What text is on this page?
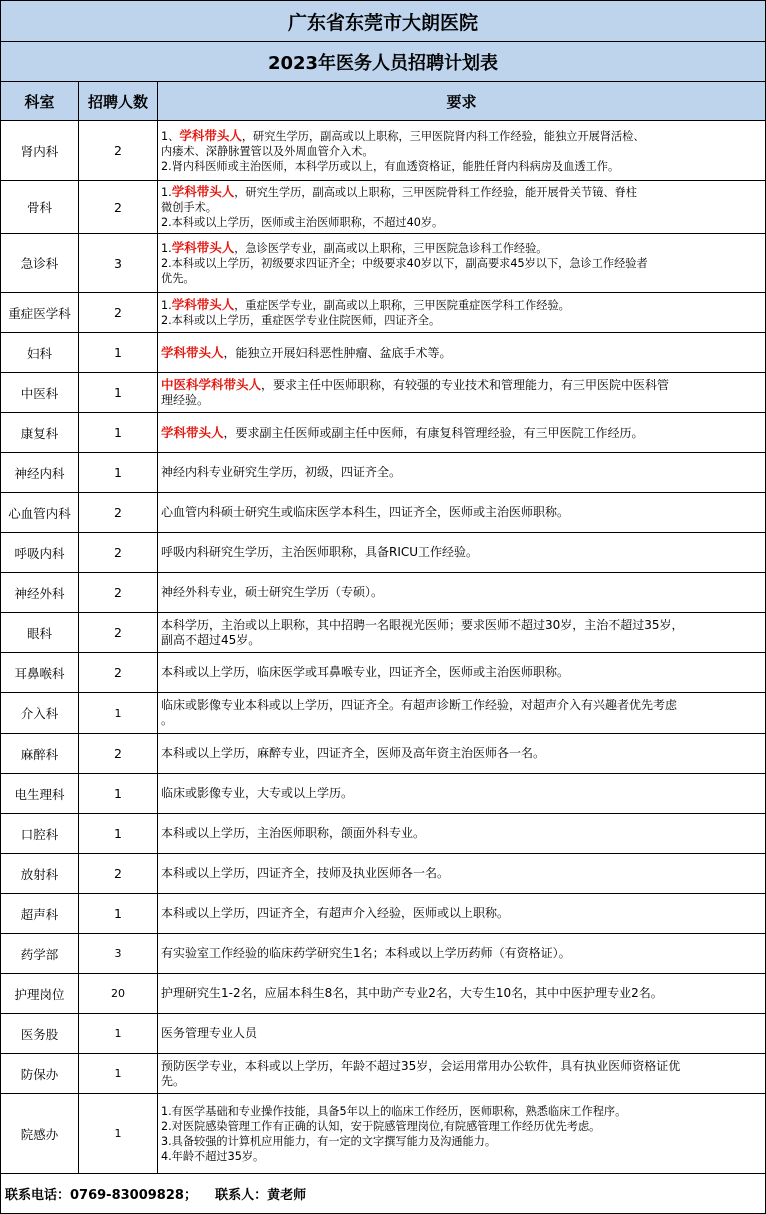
广东省东莞市大朗医院		
2023年医务人员招聘计划表		
科室	招聘人数	要求
肾内科	2	1、学科带头人，研究生学历，副高或以上职称，三甲医院肾内科工作经验，能独立开展肾活检、
内瘘术、深静脉置管以及外周血管介入术。
2.肾内科医师或主治医师，本科学历或以上，有血透资格证，能胜任肾内科病房及血透工作。

骨科	2	1.学科带头人，研究生学历，副高或以上职称，三甲医院骨科工作经验，能开展骨关节镜、脊柱
微创手术。
2.本科或以上学历，医师或主治医师职称，不超过40岁。

急诊科	3	1.学科带头人，急诊医学专业，副高或以上职称，三甲医院急诊科工作经验。
2.本科或以上学历，初级要求四证齐全；中级要求40岁以下，副高要求45岁以下，急诊工作经验者
优先。

重症医学科	2	1.学科带头人，重症医学专业，副高或以上职称，三甲医院重症医学科工作经验。
2.本科或以上学历，重症医学专业住院医师，四证齐全。

妇科	1	学科带头人，能独立开展妇科恶性肿瘤、盆底手术等。

中医科	1	中医科学科带头人，要求主任中医师职称，有较强的专业技术和管理能力，有三甲医院中医科管
理经验。

康复科	1	学科带头人，要求副主任医师或副主任中医师，有康复科管理经验，有三甲医院工作经历。

神经内科	1	神经内科专业研究生学历，初级，四证齐全。

心血管内科	2	心血管内科硕士研究生或临床医学本科生，四证齐全，医师或主治医师职称。

呼吸内科	2	呼吸内科研究生学历，主治医师职称，具备RICU工作经验。

神经外科	2	神经外科专业，硕士研究生学历（专硕）。

眼科	2	本科学历，主治或以上职称，其中招聘一名眼视光医师；要求医师不超过30岁，主治不超过35岁，
副高不超过45岁。

耳鼻喉科	2	本科或以上学历，临床医学或耳鼻喉专业，四证齐全，医师或主治医师职称。

介入科	1	临床或影像专业本科或以上学历，四证齐全。有超声诊断工作经验，对超声介入有兴趣者优先考虑
。

麻醉科	2	本科或以上学历，麻醉专业，四证齐全，医师及高年资主治医师各一名。

电生理科	1	临床或影像专业，大专或以上学历。

口腔科	1	本科或以上学历，主治医师职称，颌面外科专业。

放射科	2	本科或以上学历，四证齐全，技师及执业医师各一名。

超声科	1	本科或以上学历，四证齐全，有超声介入经验，医师或以上职称。

药学部	3	有实验室工作经验的临床药学研究生1名；本科或以上学历药师（有资格证）。

护理岗位	20	护理研究生1-2名，应届本科生8名，其中助产专业2名，大专生10名，其中中医护理专业2名。

医务股	1	医务管理专业人员

防保办	1	预防医学专业，本科或以上学历，年龄不超过35岁，会运用常用办公软件，具有执业医师资格证优
先。

院感办	1	1.有医学基础和专业操作技能，具备5年以上的临床工作经历，医师职称，熟悉临床工作程序。
2.对医院感染管理工作有正确的认知，安于院感管理岗位,有院感管理工作经历优先考虑。
3.具备较强的计算机应用能力，有一定的文字撰写能力及沟通能力。
4.年龄不超过35岁。

联系电话：0769-83009828； 联系人：黄老师		
